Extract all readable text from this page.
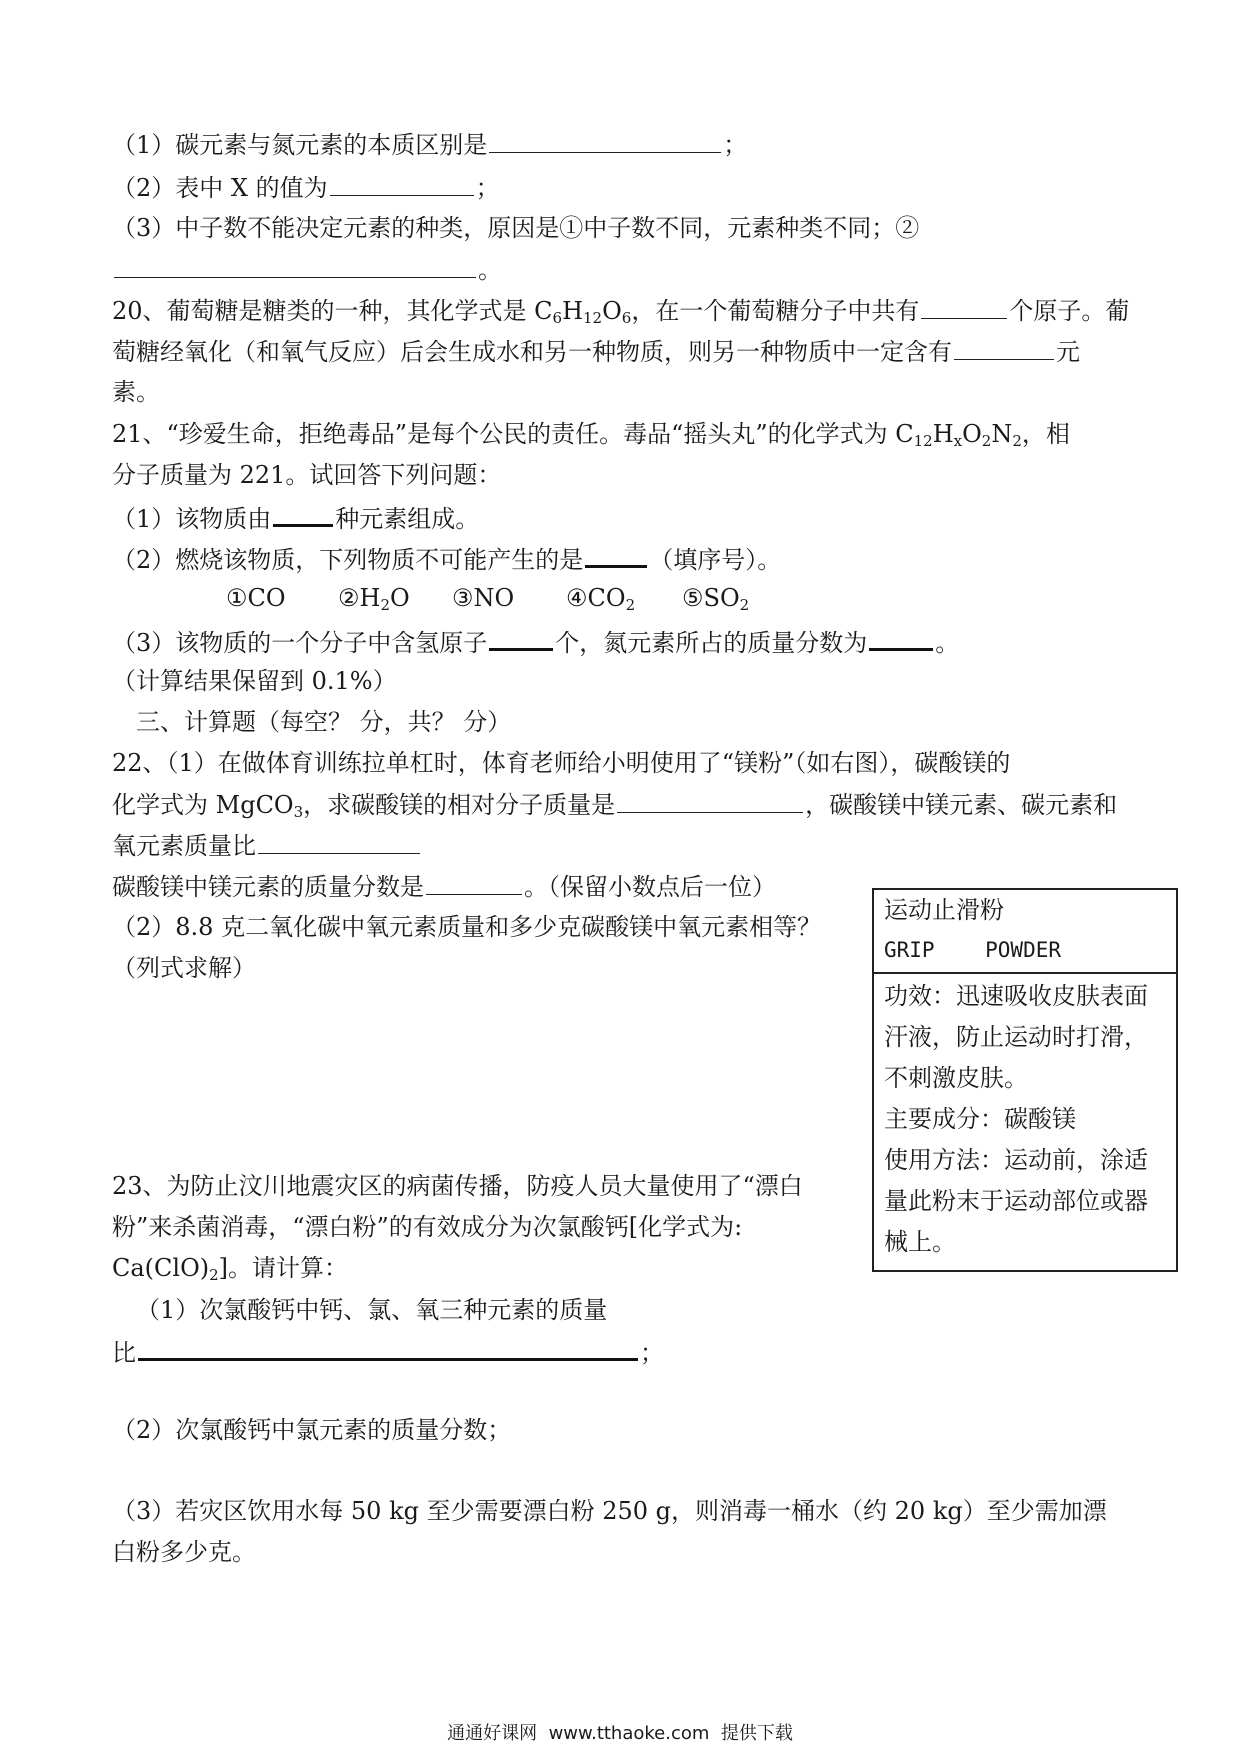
（1）碳元素与氮元素的本质区别是	；
（2）表中 X 的值为	；
（3）中子数不能决定元素的种类，原因是①中子数不同，元素种类不同；②
。
20、葡萄糖是糖类的一种，其化学式是 $C_6H_{12}O_6$，在一个葡萄糖分子中共有	个原子。葡
萄糖经氧化（和氧气反应）后会生成水和另一种物质，则另一种物质中一定含有	元
素。
21、“珍爱生命，拒绝毒品”是每个公民的责任。毒品“摇头丸”的化学式为 $C_{12}H_xO_2N_2$，相
分子质量为 221。试回答下列问题：
（1）该物质由	种元素组成。
（2）燃烧该物质，下列物质不可能产生的是	（填序号）。
①CO $②H_2O$ ③NO $④CO_2$ $⑤SO_2$
（3）该物质的一个分子中含氢原子	个，氮元素所占的质量分数为	。
（计算结果保留到 0.1%）
三、计算题（每空？ 分，共？ 分）
22、（1）在做体育训练拉单杠时，体育老师给小明使用了“镁粉”（如右图），碳酸镁的
化学式为 MgCO$_3$，求碳酸镁的相对分子质量是	，碳酸镁中镁元素、碳元素和
氧元素质量比
碳酸镁中镁元素的质量分数是	。（保留小数点后一位）
（2）8.8 克二氧化碳中氧元素质量和多少克碳酸镁中氧元素相等？
（列式求解）
运动止滑粉
GRIP    POWDER
功效：迅速吸收皮肤表面
汗液，防止运动时打滑，
不刺激皮肤。
主要成分：碳酸镁
使用方法：运动前，涂适
量此粉末于运动部位或器
械上。
23、为防止汶川地震灾区的病菌传播，防疫人员大量使用了“漂白
粉”来杀菌消毒，“漂白粉”的有效成分为次氯酸钙[化学式为:
$Ca(ClO)_2$]。请计算：
（1）次氯酸钙中钙、氯、氧三种元素的质量
比	；
（2）次氯酸钙中氯元素的质量分数；
（3）若灾区饮用水每 50 kg 至少需要漂白粉 250 g，则消毒一桶水（约 20 kg）至少需加漂
白粉多少克。
通通好课网  www.tthaoke.com  提供下载
